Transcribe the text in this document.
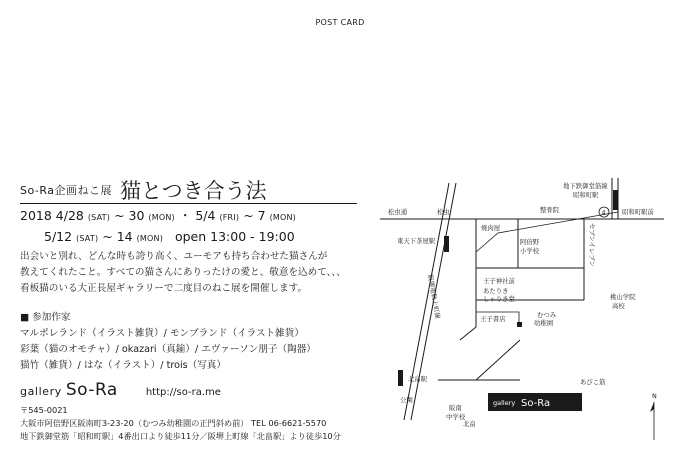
POST CARD
$^{So-Ra企画ねこ展}$ 猫とつき合う法
2018 4/28 (SAT) ~ 30 (MON) ・ 5/4 (FRI) ~ 7 (MON)
5/12 (SAT) ~ 14 (MON) open 13:00 - 19:00
出会いと別れ、どんな時も誇り高く、ユーモアも持ち合わせた猫さんが
教えてくれたこと。すべての猫さんにありったけの愛と、敬意を込めて、、、
看板猫のいる大正長屋ギャラリーで二度目のねこ展を開催します。
■ 参加作家
マルポレランド（イラスト雑貨）/ モンブランド（イラスト雑貨）
彩葉（猫のオモチャ）/ okazari（真鍮）/ エヴァーソン朋子（陶器）
猫竹（雑貨）/ はな（イラスト）/ trois（写真）
gallery So-Ra	http://so-ra.me
〒545-0021
大阪市阿倍野区阪南町3-23-20（むつみ幼稚園の正門斜め前） TEL 06-6621-5570
地下鉄御堂筋「昭和町駅」4番出口より徒歩11分／阪堺上町線「北畠駅」より徒歩10分
4
地下鉄御堂筋線
昭和町駅
整骨院	昭和町駅前
松虫通	松虫
焼肉屋
東天下茶屋駅	阿倍野
小学校	セブンイレブン
王子神社前
あたりき
しゃりき堂	桃山学院
高校
むつみ
幼稚園
王子書店
阪堺電軌上町線
北畠駅	あびこ筋
公園
阪南
中学校
北畠
gallery So-Ra
N
